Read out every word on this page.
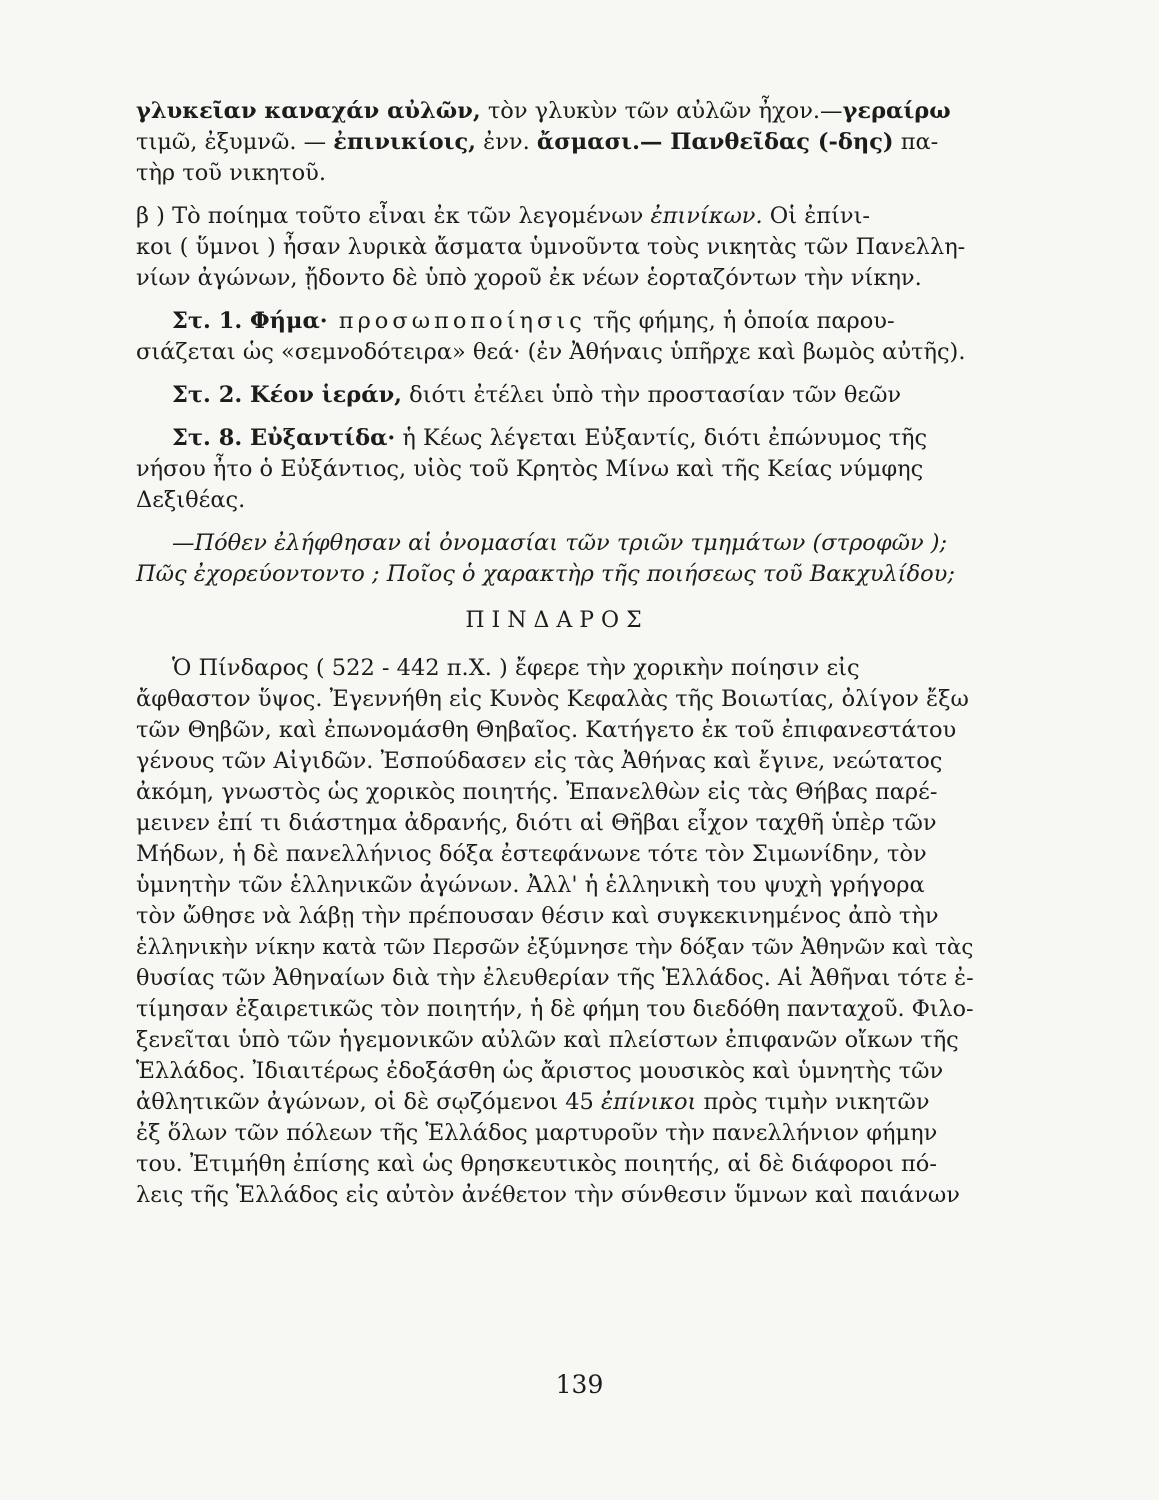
γλυκεῖαν καναχάν αὐλῶν, τὸν γλυκὺν τῶν αὐλῶν ἦχον.—γεραίρω
τιμῶ, ἐξυμνῶ. — ἐπινικίοις, ἐνν. ἄσμασι.— Πανθεῖδας (-δης) πα-
τὴρ τοῦ νικητοῦ.

β ) Τὸ ποίημα τοῦτο εἶναι ἐκ τῶν λεγομένων ἐπινίκων. Οἱ ἐπίνι-
κοι ( ὕμνοι ) ἦσαν λυρικὰ ἄσματα ὑμνοῦντα τοὺς νικητὰς τῶν Πανελλη-
νίων ἀγώνων, ᾔδοντο δὲ ὑπὸ χοροῦ ἐκ νέων ἑορταζόντων τὴν νίκην.

Στ. 1. Φήμα· προσωποποίησις τῆς φήμης, ἡ ὁποία παρου-
σιάζεται ὡς «σεμνοδότειρα» θεά· (ἐν Ἀθήναις ὑπῆρχε καὶ βωμὸς αὐτῆς).

Στ. 2. Κέον ἱεράν, διότι ἐτέλει ὑπὸ τὴν προστασίαν τῶν θεῶν

Στ. 8. Εὐξαντίδα· ἡ Κέως λέγεται Εὐξαντίς, διότι ἐπώνυμος τῆς
νήσου ἦτο ὁ Εὐξάντιος, υἱὸς τοῦ Κρητὸς Μίνω καὶ τῆς Κείας νύμφης
Δεξιθέας.

—Πόθεν ἐλήφθησαν αἱ ὀνομασίαι τῶν τριῶν τμημάτων (στροφῶν );
Πῶς ἐχορεύοντοντο ; Ποῖος ὁ χαρακτὴρ τῆς ποιήσεως τοῦ Βακχυλίδου;

ΠΙΝΔΑΡΟΣ

Ὁ Πίνδαρος ( 522 - 442 π.Χ. ) ἔφερε τὴν χορικὴν ποίησιν εἰς
ἄφθαστον ὕψος. Ἐγεννήθη εἰς Κυνὸς Κεφαλὰς τῆς Βοιωτίας, ὀλίγον ἔξω
τῶν Θηβῶν, καὶ ἐπωνομάσθη Θηβαῖος. Κατήγετο ἐκ τοῦ ἐπιφανεστάτου
γένους τῶν Αἰγιδῶν. Ἐσπούδασεν εἰς τὰς Ἀθήνας καὶ ἔγινε, νεώτατος
ἀκόμη, γνωστὸς ὡς χορικὸς ποιητής. Ἐπανελθὼν εἰς τὰς Θήβας παρέ-
μεινεν ἐπί τι διάστημα ἀδρανής, διότι αἱ Θῆβαι εἶχον ταχθῆ ὑπὲρ τῶν
Μήδων, ἡ δὲ πανελλήνιος δόξα ἐστεφάνωνε τότε τὸν Σιμωνίδην, τὸν
ὑμνητὴν τῶν ἑλληνικῶν ἀγώνων. Ἀλλ' ἡ ἑλληνικὴ του ψυχὴ γρήγορα
τὸν ὤθησε νὰ λάβῃ τὴν πρέπουσαν θέσιν καὶ συγκεκινημένος ἀπὸ τὴν
ἑλληνικὴν νίκην κατὰ τῶν Περσῶν ἐξύμνησε τὴν δόξαν τῶν Ἀθηνῶν καὶ τὰς
θυσίας τῶν Ἀθηναίων διὰ τὴν ἐλευθερίαν τῆς Ἑλλάδος. Αἱ Ἀθῆναι τότε ἐ-
τίμησαν ἐξαιρετικῶς τὸν ποιητήν, ἡ δὲ φήμη του διεδόθη πανταχοῦ. Φιλο-
ξενεῖται ὑπὸ τῶν ἡγεμονικῶν αὐλῶν καὶ πλείστων ἐπιφανῶν οἴκων τῆς
Ἑλλάδος. Ἰδιαιτέρως ἐδοξάσθη ὡς ἄριστος μουσικὸς καὶ ὑμνητὴς τῶν
ἀθλητικῶν ἀγώνων, οἱ δὲ σῳζόμενοι 45 ἐπίνικοι πρὸς τιμὴν νικητῶν
ἐξ ὅλων τῶν πόλεων τῆς Ἑλλάδος μαρτυροῦν τὴν πανελλήνιον φήμην
του. Ἐτιμήθη ἐπίσης καὶ ὡς θρησκευτικὸς ποιητής, αἱ δὲ διάφοροι πό-
λεις τῆς Ἑλλάδος εἰς αὐτὸν ἀνέθετον τὴν σύνθεσιν ὕμνων καὶ παιάνων

139
